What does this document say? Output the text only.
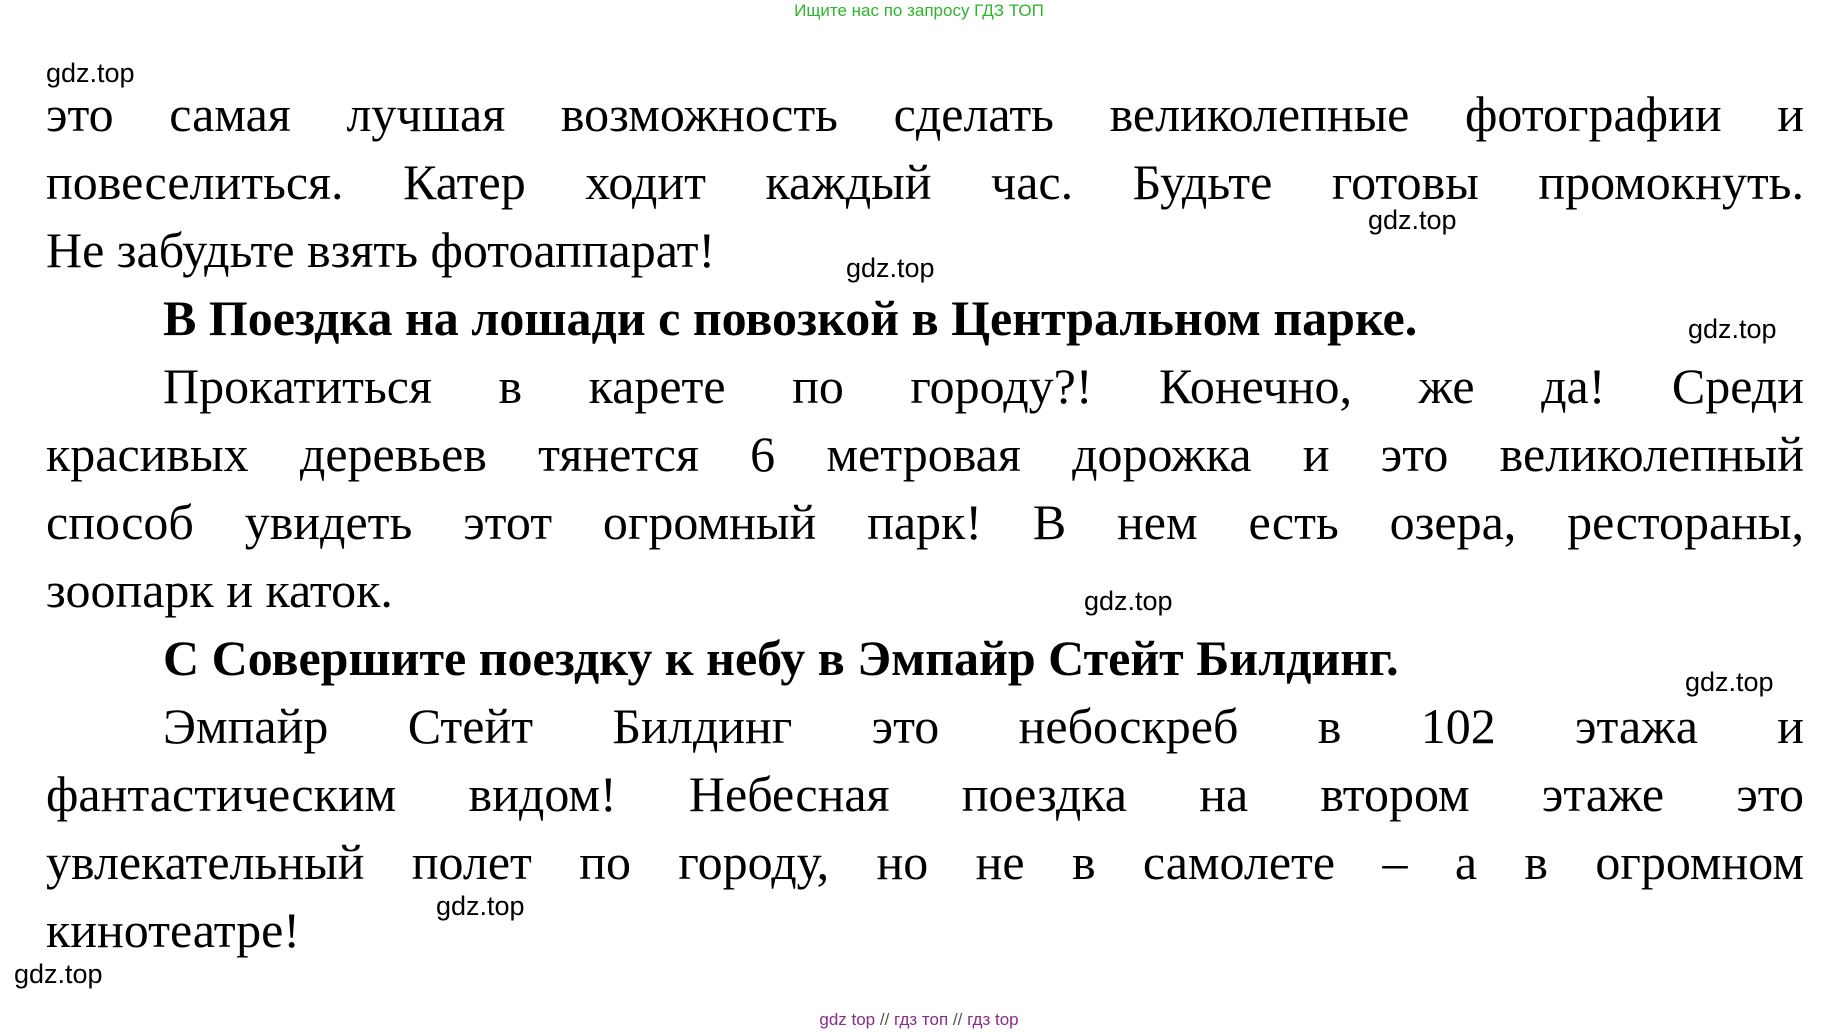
Ищите нас по запросу ГДЗ ТОП
gdz.top
gdz.top
gdz.top
gdz.top
gdz.top
gdz.top
gdz.top
gdz.top
это самая лучшая возможность сделать великолепные фотографии и
повеселиться. Катер ходит каждый час. Будьте готовы промокнуть.
Не забудьте взять фотоаппарат!
B Поездка на лошади с повозкой в Центральном парке.
Прокатиться в карете по городу?! Конечно, же да! Среди
красивых деревьев тянется 6 метровая дорожка и это великолепный
способ увидеть этот огромный парк! В нем есть озера, рестораны,
зоопарк и каток.
C Совершите поездку к небу в Эмпайр Стейт Билдинг.
Эмпайр Стейт Билдинг это небоскреб в 102 этажа и
фантастическим видом! Небесная поездка на втором этаже это
увлекательный полет по городу, но не в самолете – а в огромном
кинотеатре!
gdz top // гдз топ // гдз top
